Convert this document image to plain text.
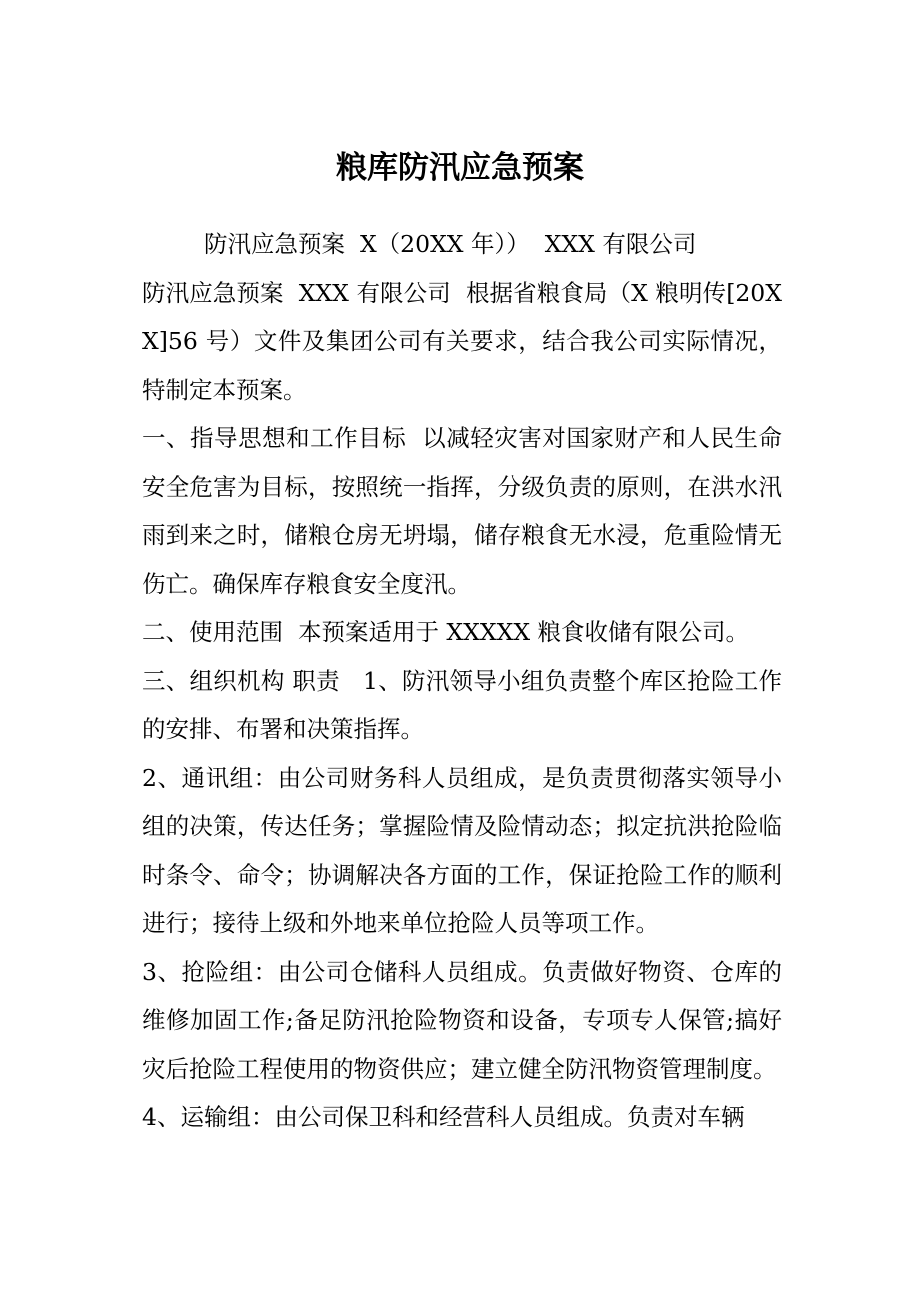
粮库防汛应急预案

防汛应急预案  X（20XX 年））  XXX 有限公司

防汛应急预案  XXX 有限公司  根据省粮食局（X 粮明传[20XX]56 号）文件及集团公司有关要求，结合我公司实际情况，特制定本预案。

一、指导思想和工作目标  以减轻灾害对国家财产和人民生命安全危害为目标，按照统一指挥，分级负责的原则，在洪水汛雨到来之时，储粮仓房无坍塌，储存粮食无水浸，危重险情无伤亡。确保库存粮食安全度汛。

二、使用范围  本预案适用于 XXXXX 粮食收储有限公司。

三、组织机构 职责   1、防汛领导小组负责整个库区抢险工作的安排、布署和决策指挥。

2、通讯组：由公司财务科人员组成，是负责贯彻落实领导小组的决策，传达任务；掌握险情及险情动态；拟定抗洪抢险临时条令、命令；协调解决各方面的工作，保证抢险工作的顺利进行；接待上级和外地来单位抢险人员等项工作。

3、抢险组：由公司仓储科人员组成。负责做好物资、仓库的维修加固工作;备足防汛抢险物资和设备，专项专人保管;搞好灾后抢险工程使用的物资供应；建立健全防汛物资管理制度。

4、运输组：由公司保卫科和经营科人员组成。负责对车辆
